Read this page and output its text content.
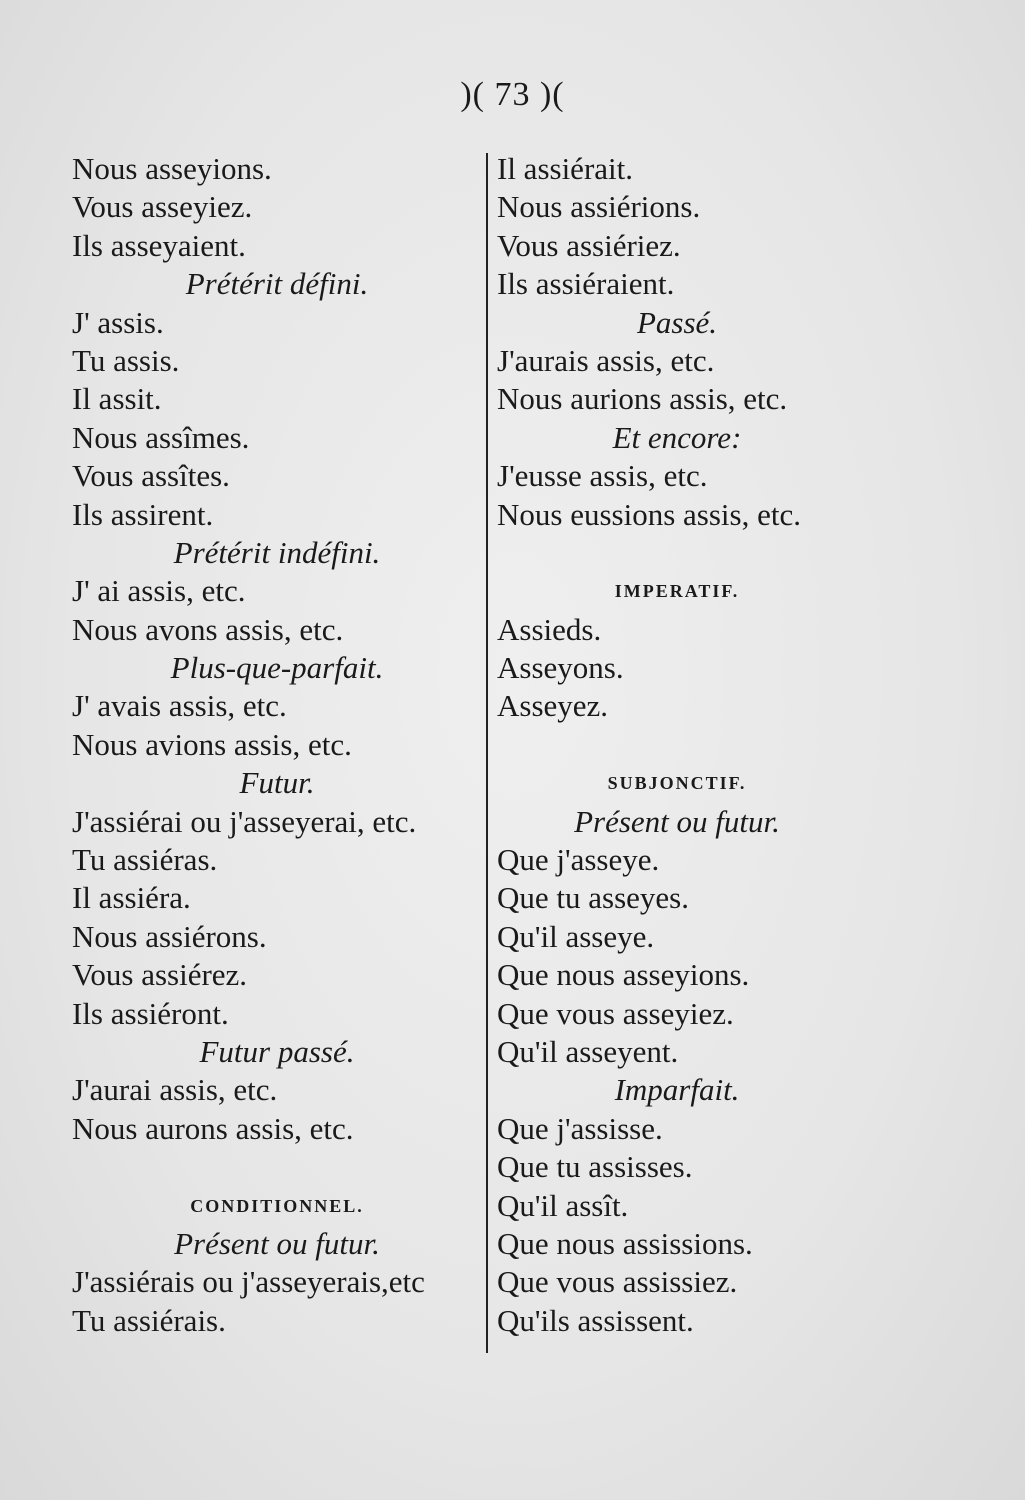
)( 73 )(
Nous asseyions.
Vous asseyiez.
Ils asseyaient.
Prétérit défini.
J' assis.
Tu assis.
Il assit.
Nous assîmes.
Vous assîtes.
Ils assirent.
Prétérit indéfini.
J' ai assis, etc.
Nous avons assis, etc.
Plus-que-parfait.
J' avais assis, etc.
Nous avions assis, etc.
Futur.
J'assiérai ou j'asseyerai, etc.
Tu assiéras.
Il assiéra.
Nous assiérons.
Vous assiérez.
Ils assiéront.
Futur passé.
J'aurai assis, etc.
Nous aurons assis, etc.
CONDITIONNEL.
Présent ou futur.
J'assiérais ou j'asseyerais,etc
Tu assiérais.
Il assiérait.
Nous assiérions.
Vous assiériez.
Ils assiéraient.
Passé.
J'aurais assis, etc.
Nous aurions assis, etc.
Et encore:
J'eusse assis, etc.
Nous eussions assis, etc.
IMPERATIF.
Assieds.
Asseyons.
Asseyez.
SUBJONCTIF.
Présent ou futur.
Que j'asseye.
Que tu asseyes.
Qu'il asseye.
Que nous asseyions.
Que vous asseyiez.
Qu'il asseyent.
Imparfait.
Que j'assisse.
Que tu assisses.
Qu'il assît.
Que nous assissions.
Que vous assissiez.
Qu'ils assissent.
